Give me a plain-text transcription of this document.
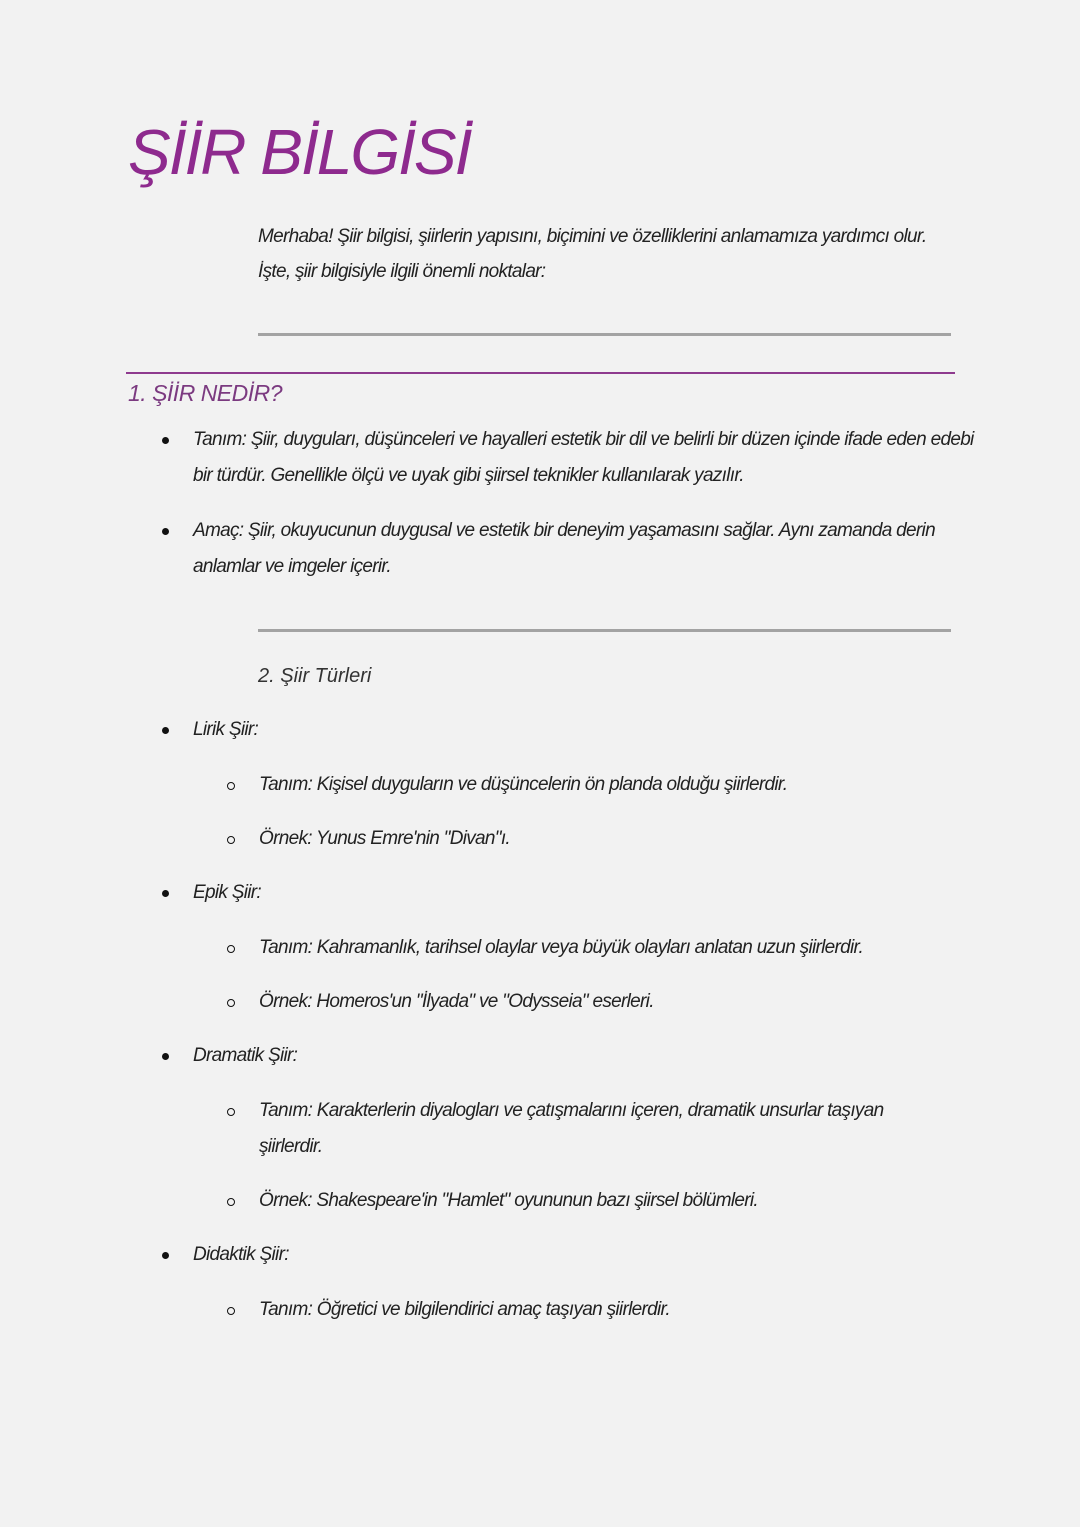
ŞİİR BİLGİSİ
Merhaba! Şiir bilgisi, şiirlerin yapısını, biçimini ve özelliklerini anlamamıza yardımcı olur.
İşte, şiir bilgisiyle ilgili önemli noktalar:
1. ŞİİR NEDİR?
Tanım: Şiir, duyguları, düşünceleri ve hayalleri estetik bir dil ve belirli bir düzen içinde ifade eden edebi
bir türdür. Genellikle ölçü ve uyak gibi şiirsel teknikler kullanılarak yazılır.
Amaç: Şiir, okuyucunun duygusal ve estetik bir deneyim yaşamasını sağlar. Aynı zamanda derin
anlamlar ve imgeler içerir.
2. Şiir Türleri
Lirik Şiir:
Tanım: Kişisel duyguların ve düşüncelerin ön planda olduğu şiirlerdir.
Örnek: Yunus Emre'nin "Divan"ı.
Epik Şiir:
Tanım: Kahramanlık, tarihsel olaylar veya büyük olayları anlatan uzun şiirlerdir.
Örnek: Homeros'un "İlyada" ve "Odysseia" eserleri.
Dramatik Şiir:
Tanım: Karakterlerin diyalogları ve çatışmalarını içeren, dramatik unsurlar taşıyan
şiirlerdir.
Örnek: Shakespeare'in "Hamlet" oyununun bazı şiirsel bölümleri.
Didaktik Şiir:
Tanım: Öğretici ve bilgilendirici amaç taşıyan şiirlerdir.
